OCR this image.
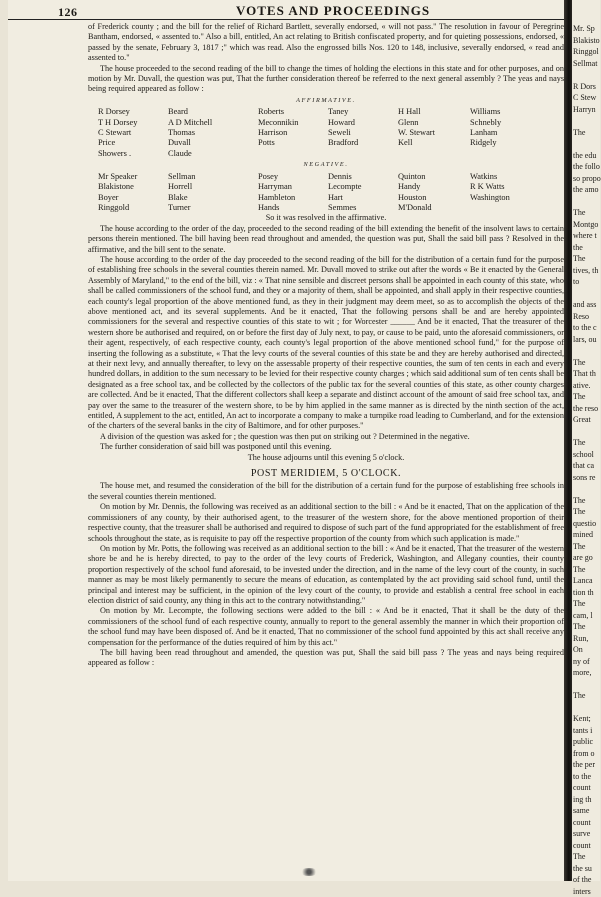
126	VOTES AND PROCEEDINGS

of Frederick county ; and the bill for the relief of Richard Bartlett, severally endorsed, « will not pass." The resolution in favour of Peregrine Bantham, endorsed, « assented to." Also a bill, entitled, An act relating to British confiscated property, and for quieting possessions, endorsed, « passed by the senate, February 3, 1817 ;" which was read. Also the engrossed bills Nos. 120 to 148, inclusive, severally endorsed, « read and assented to."

The house proceeded to the second reading of the bill to change the times of holding the elections in this state and for other purposes, and on motion by Mr. Duvall, the question was put, That the further consideration thereof be referred to the next general assembly ? The yeas and nays being required appeared as follow :

AFFIRMATIVE.
R Dorsey	Beard	Roberts	Taney	H Hall	Williams
T H Dorsey	A D Mitchell	Meconnikin	Howard	Glenn	Schnebly
C Stewart	Thomas	Harrison	Seweli	W. Stewart	Lanham
Price	Duvall	Potts	Bradford	Kell	Ridgely
Showers .	Claude
NEGATIVE.
Mr Speaker	Sellman	Posey	Dennis	Quinton	Watkins
Blakistone	Horrell	Harryman	Lecompte	Handy	R K Watts
Boyer	Blake	Hambleton	Hart	Houston	Washington
Ringgold	Turner	Hands	Semmes	M'Donald

So it was resolved in the affirmative.

The house according to the order of the day, proceeded to the second reading of the bill extending the benefit of the insolvent laws to certain persons therein mentioned. The bill having been read throughout and amended, the question was put, Shall the said bill pass ? Resolved in the affirmative, and the bill sent to the senate.

The house according to the order of the day proceeded to the second reading of the bill for the distribution of a certain fund for the purpose of establishing free schools in the several counties therein named. Mr. Duvall moved to strike out after the words « Be it enacted by the General Assembly of Maryland," to the end of the bill, viz : « That nine sensible and discreet persons shall be appointed in each county of this state, who shall be called commissioners of the school fund, and they or a majority of them, shall be appointed, and shall apply in their respective counties, each county's legal proportion of the above mentioned fund, as they in their judgment may deem meet, so as to accomplish the objects of the above mentioned act, and its several supplements. And be it enacted, That the following persons shall be and are hereby appointed commissioners for the several and respective counties of this state to wit ; for Worcester ______ And be it enacted, That the treasurer of the western shore be authorised and required, on or before the first day of July next, to pay, or cause to be paid, unto the aforesaid commissioners, or their agent, respectively, of each respective county, each county's legal proportion of the above mentioned school fund," for the purpose of inserting the following as a substitute, « That the levy courts of the several counties of this state be and they are hereby authorised and directed, at their next levy, and annually thereafter, to levy on the assessable property of their respective counties, the sum of ten cents in each and every hundred dollars, in addition to the sum necessary to be levied for their respective county charges ; which said additional sum of ten cents shall be designated as a free school tax, and be collected by the collectors of the public tax for the several counties of this state, as other county charges are collected. And be it enacted, That the different collectors shall keep a separate and distinct account of the amount of said free school tax, and pay over the same to the treasurer of the western shore, to be by him applied in the same manner as is directed by the ninth section of the act, entitled, A supplement to the act, entitled, An act to incorporate a company to make a turnpike road leading to Cumberland, and for the extension of the charters of the several banks in the city of Baltimore, and for other purposes."

A division of the question was asked for ; the question was then put on striking out ? Determined in the negative.

The further consideration of said bill was postponed until this evening.

The house adjourns until this evening 5 o'clock.

POST MERIDIEM, 5 O'CLOCK.

The house met, and resumed the consideration of the bill for the distribution of a certain fund for the purpose of establishing free schools in the several counties therein mentioned.

On motion by Mr. Dennis, the following was received as an additional section to the bill : « And be it enacted, That on the application of the commissioners of any county, by their authorised agent, to the treasurer of the western shore, for the above mentioned proportion of their respective county, that the treasurer shall be authorised and required to dispose of such part of the fund appropriated for the establishment of free schools throughout the state, as is requisite to pay off the respective proportion of the county from which such application is made."

On motion by Mr. Potts, the following was received as an additional section to the bill : « And be it enacted, That the treasurer of the western shore be and he is hereby directed, to pay to the order of the levy courts of Frederick, Washington, and Allegany counties, their county proportion respectively of the school fund aforesaid, to be invested under the direction, and in the name of the levy court of the county, in such manner as may be most likely permanently to secure the means of education, as contemplated by the act providing said school fund, until the principal and interest may be sufficient, in the opinion of the levy court of the county, to provide and establish a central free school in each election district of said county, any thing in this act to the contrary notwithstanding."

On motion by Mr. Lecompte, the following sections were added to the bill : « And be it enacted, That it shall be the duty of the commissioners of the school fund of each respective county, annually to report to the general assembly the manner in which their proportion of the school fund may have been disposed of. And be it enacted, That no commissioner of the school fund appointed by this act shall receive any compensation for the performance of the duties required of him by this act."

The bill having been read throughout and amended, the question was put, Shall the said bill pass ? The yeas and nays being required appeared as follow :

Mr. Sp
Blakisto
Ringgol
Sellmat

R Dors
C Stew
Harryn

The

the edu
the follo
so propo
the amo

The
Montgo
where t
the
The
tives, th
to

and ass
Reso
to the c
lars, ou

The
That th
ative.
The
the reso
Great

The
school
that ca
sons re

The
The
questio
mined
The
are go
The
Lanca
tion th
The
cam, l
The
Run,
On
ny of
more,

The

Kent;
tants i
public
from o
the per
to the
count
ing th
same
count
surve
count
The
the su
of the
inters
